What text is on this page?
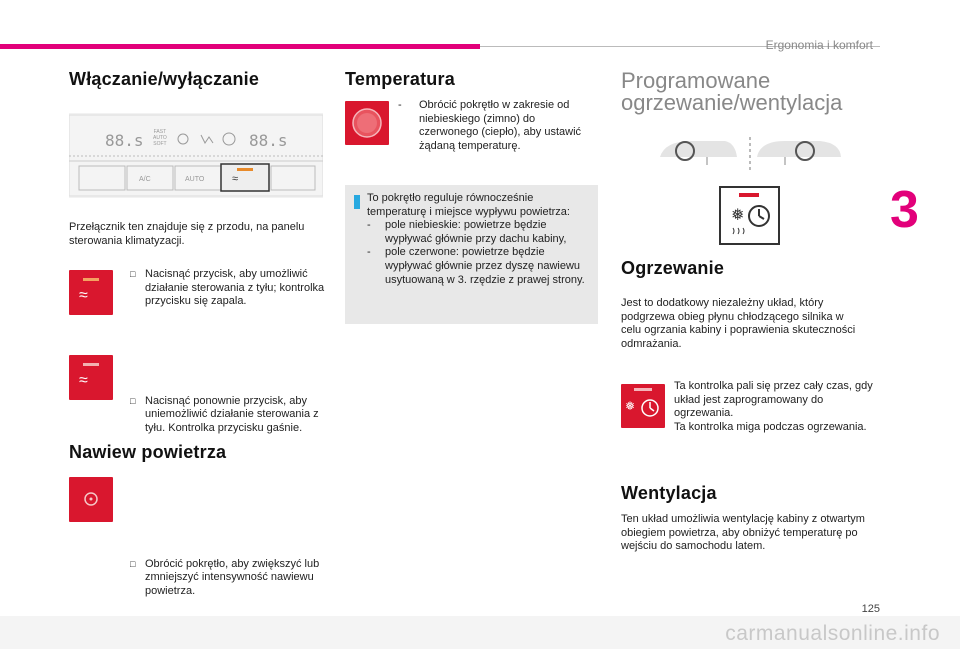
Ergonomia i komfort
3
Włączanie/wyłączanie
88.s	88.s
FAST
AUTO
SOFT
A/C	AUTO	≈
Przełącznik ten znajduje się z przodu, na panelu sterowania klimatyzacji.
≈
□ Nacisnąć przycisk, aby umożliwić działanie sterowania z tyłu; kontrolka przycisku się zapala.
≈
□ Nacisnąć ponownie przycisk, aby uniemożliwić działanie sterowania z tyłu. Kontrolka przycisku gaśnie.
Nawiew powietrza
□ Obrócić pokrętło, aby zwiększyć lub zmniejszyć intensywność nawiewu powietrza.
Temperatura
-	Obrócić pokrętło w zakresie od niebieskiego (zimno) do czerwonego (ciepło), aby ustawić żądaną temperaturę.
To pokrętło reguluje równocześnie temperaturę i miejsce wypływu powietrza:
- pole niebieskie: powietrze będzie wypływać głównie przy dachu kabiny,
- pole czerwone: powietrze będzie wypływać głównie przez dyszę nawiewu usytuowaną w 3. rzędzie z prawej strony.
Programowane
ogrzewanie/wentylacja
❅
Ogrzewanie
Jest to dodatkowy niezależny układ, który podgrzewa obieg płynu chłodzącego silnika w celu ogrzania kabiny i poprawienia skuteczności odmrażania.
❅
Ta kontrolka pali się przez cały czas, gdy układ jest zaprogramowany do ogrzewania.
Ta kontrolka miga podczas ogrzewania.
Wentylacja
Ten układ umożliwia wentylację kabiny z otwartym obiegiem powietrza, aby obniżyć temperaturę po wejściu do samochodu latem.
125
carmanualsonline.info
